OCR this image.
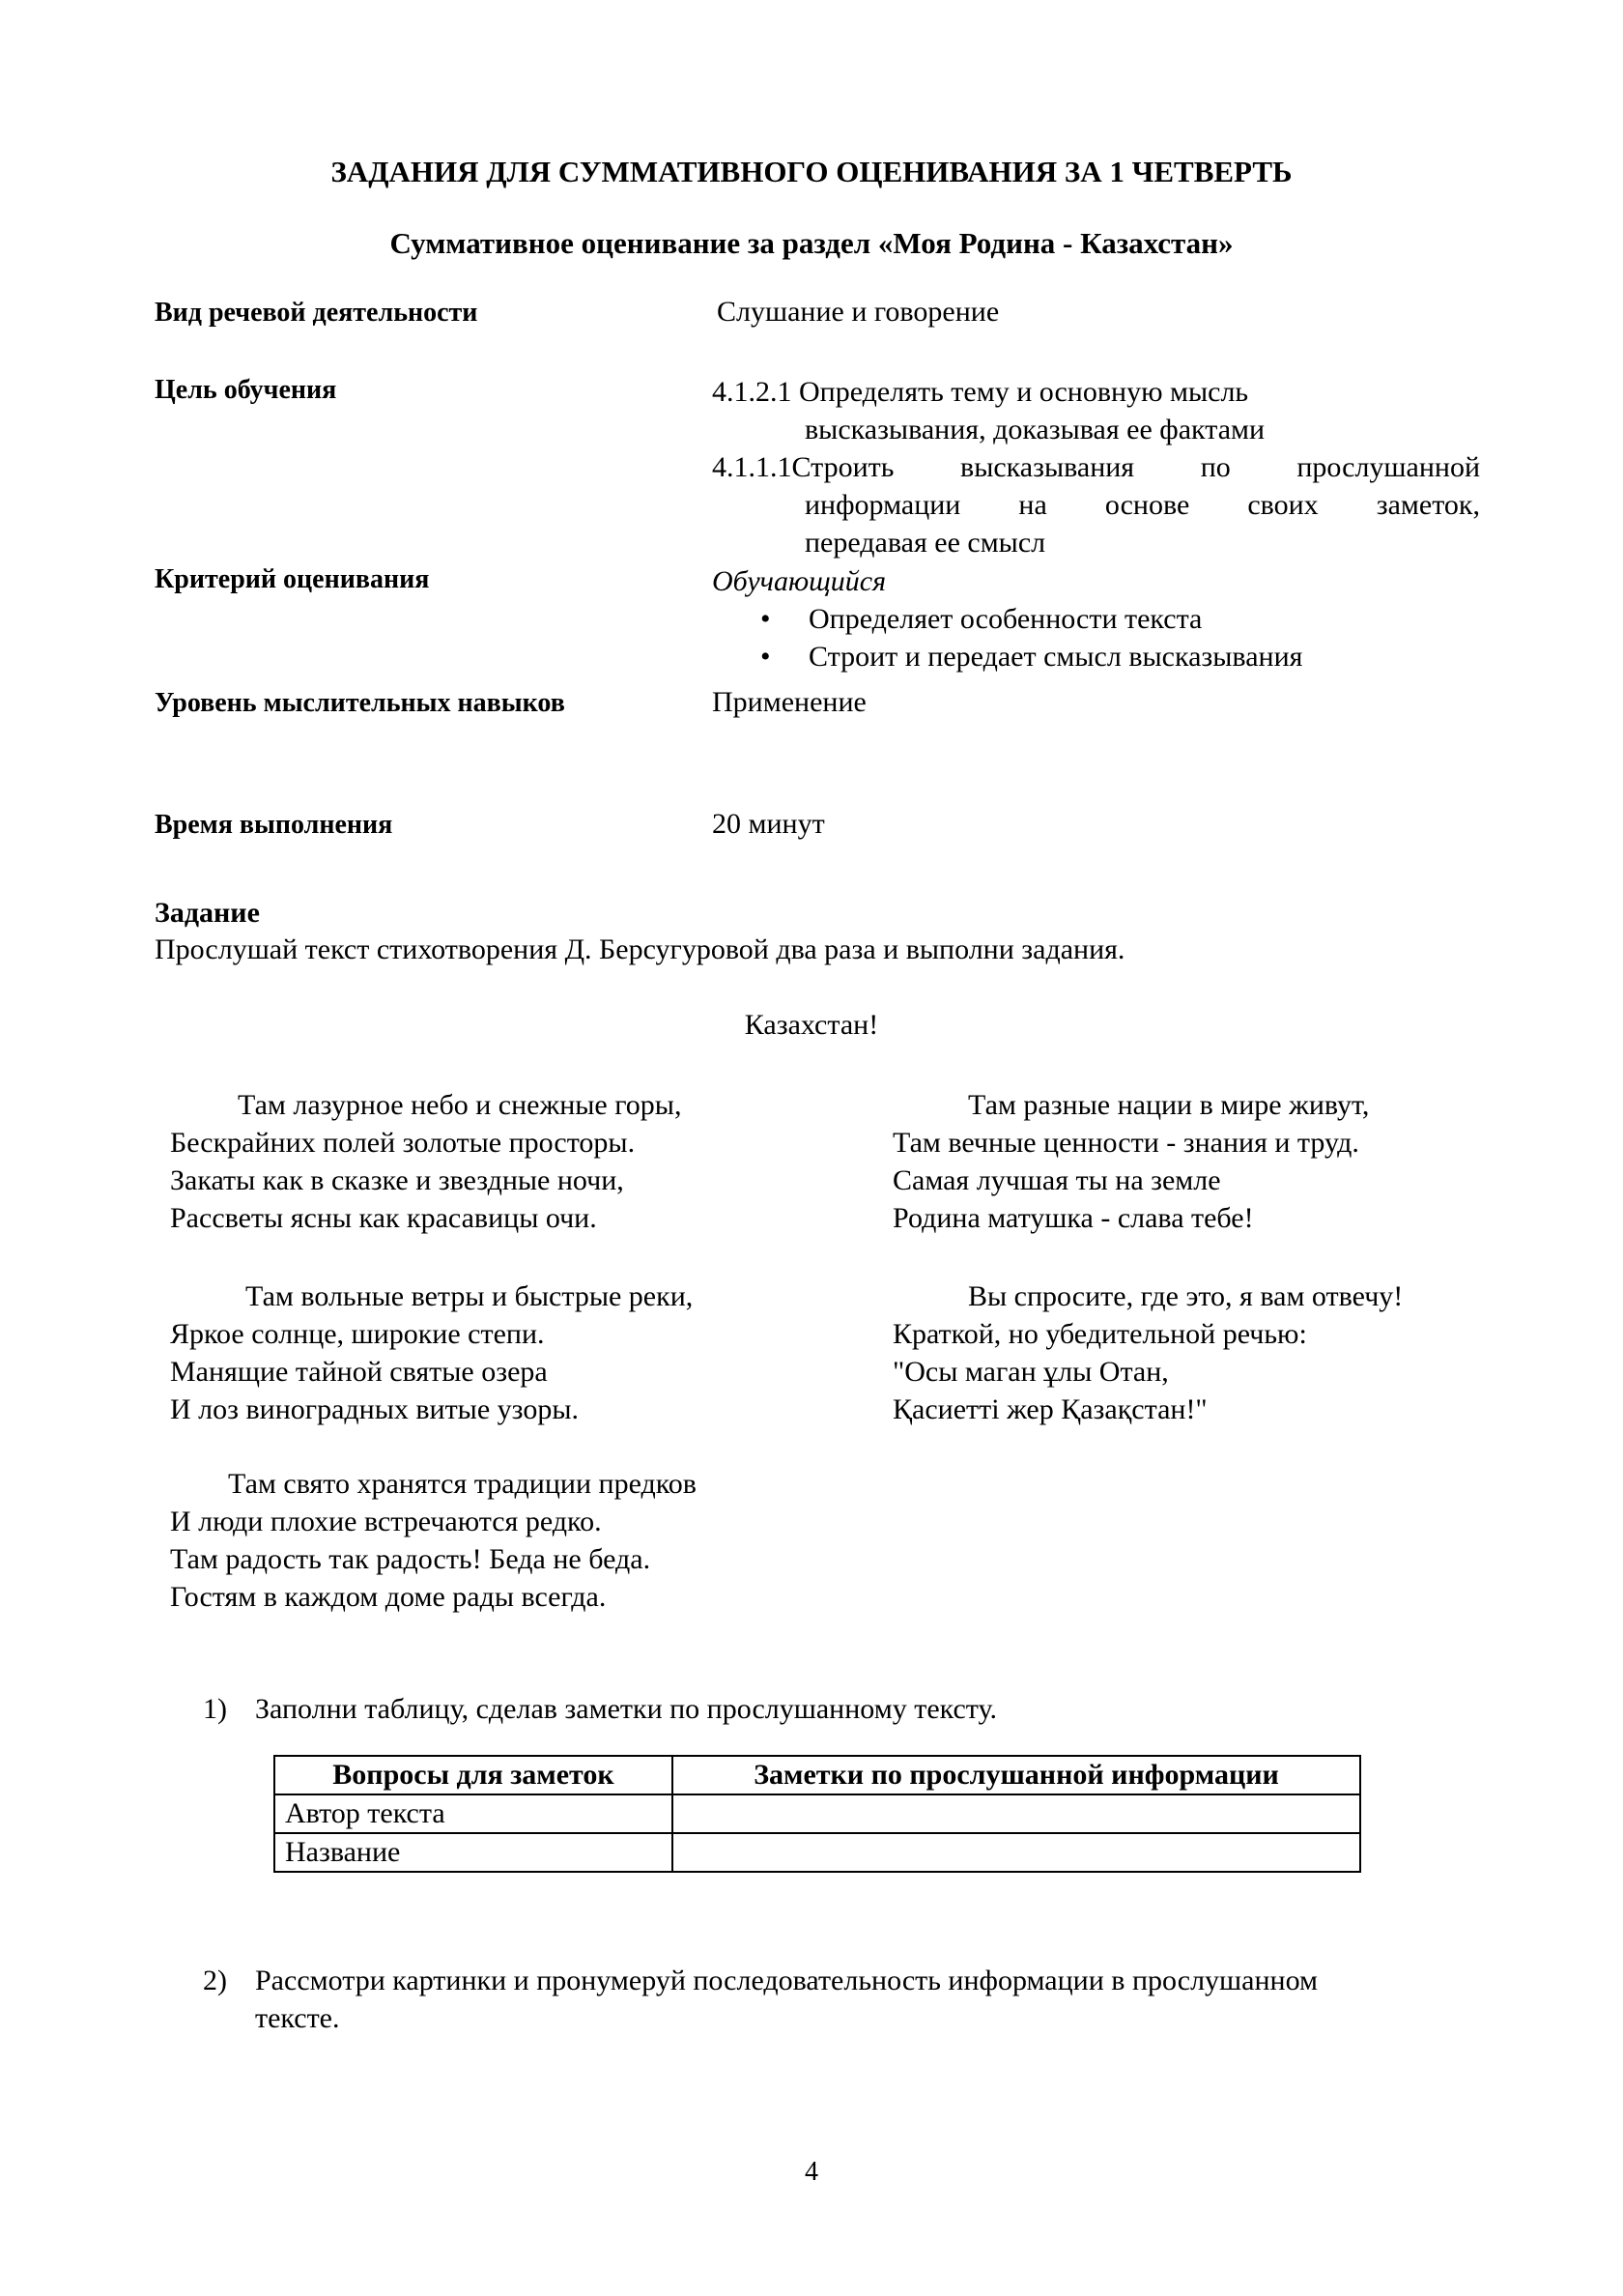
ЗАДАНИЯ ДЛЯ СУММАТИВНОГО ОЦЕНИВАНИЯ ЗА 1 ЧЕТВЕРТЬ
Суммативное оценивание за раздел «Моя Родина - Казахстан»
Вид речевой деятельности	Слушание и говорение
Цель обучения	4.1.2.1 Определять тему и основную мысль
высказывания, доказывая ее фактами
4.1.1.1Строить высказывания по прослушанной
информации на основе своих заметок,
передавая ее смысл
Критерий оценивания	Обучающийся
• Определяет особенности текста
• Строит и передает смысл высказывания
Уровень мыслительных навыков	Применение
Время выполнения	20 минут
Задание
Прослушай текст стихотворения Д. Берсугуровой два раза и выполни задания.
Казахстан!
Там лазурное небо и снежные горы,
Бескрайних полей золотые просторы.
Закаты как в сказке и звездные ночи,
Рассветы ясны как красавицы очи.
Там вольные ветры и быстрые реки,
Яркое солнце, широкие степи.
Манящие тайной святые озера
И лоз виноградных витые узоры.
Там свято хранятся традиции предков
И люди плохие встречаются редко.
Там радость так радость! Беда не беда.
Гостям в каждом доме рады всегда.
Там разные нации в мире живут,
Там вечные ценности - знания и труд.
Самая лучшая ты на земле
Родина матушка - слава тебе!
Вы спросите, где это, я вам отвечу!
Краткой, но убедительной речью:
"Осы маган ұлы Отан,
Қасиетті жер Қазақстан!"
1) Заполни таблицу, сделав заметки по прослушанному тексту.
Вопросы для заметок	Заметки по прослушанной информации
Автор текста	
Название	
2) Рассмотри картинки и пронумеруй последовательность информации в прослушанном
тексте.
4
